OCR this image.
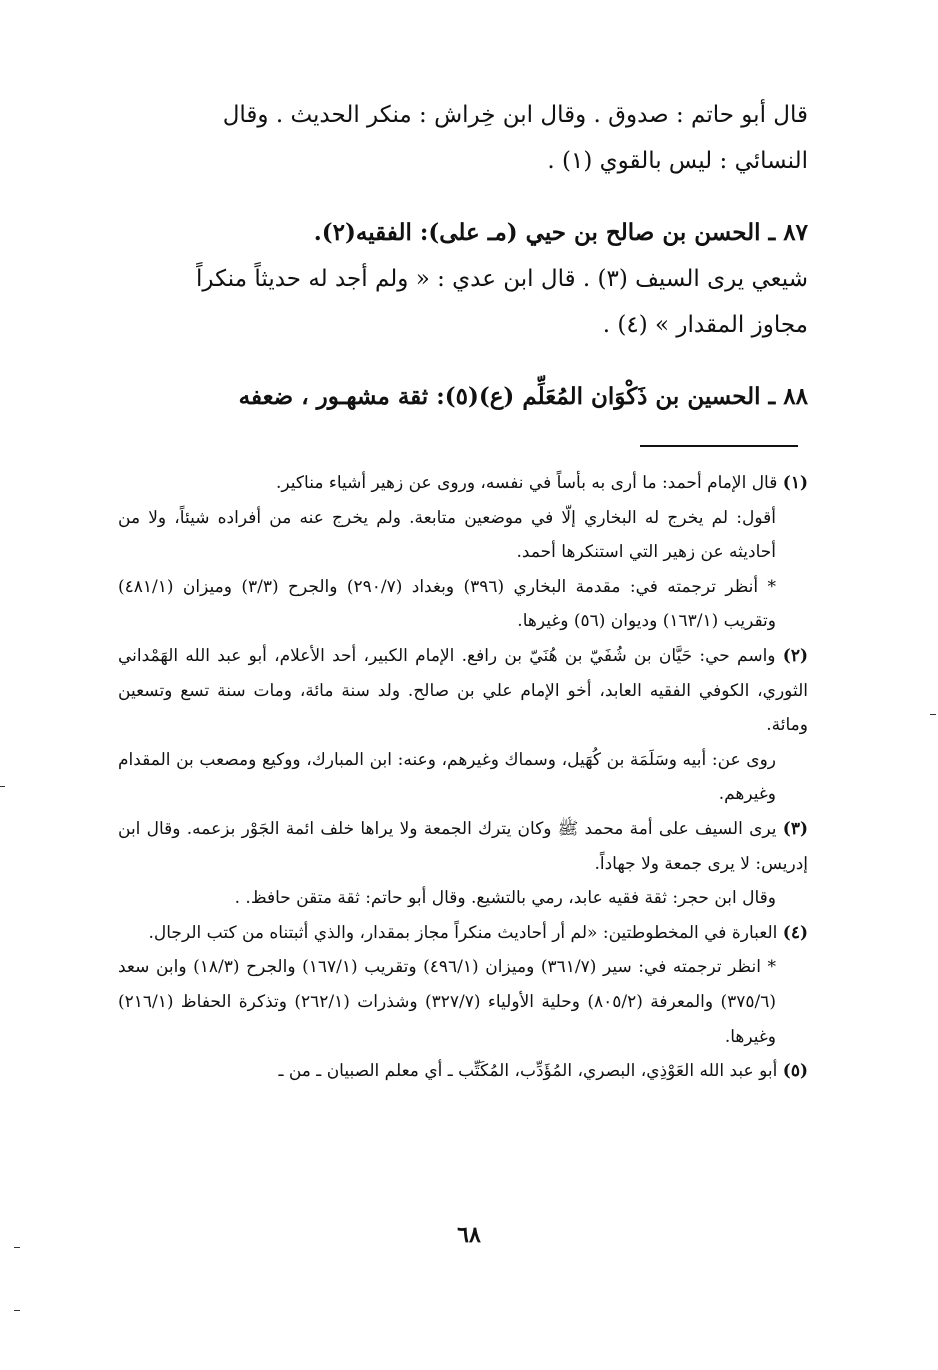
قال أبو حاتم : صدوق . وقال ابن خِراش : منكر الحديث . وقال

النسائي : ليس بالقوي (١) .

٨٧ ـ الحسن بن صالح بن حيي (مـ علی): الفقيه(٢).

شيعي يرى السيف (٣) . قال ابن عدي : « ولم أجد له حديثاً منكراً

مجاوز المقدار » (٤) .

٨٨ ـ الحسين بن ذَكْوَان المُعَلِّم (ع)(٥): ثقة مشهـور ، ضعفه

(١) قال الإمام أحمد: ما أرى به بأساً في نفسه، وروى عن زهير أشياء مناكير.

أقول: لم يخرج له البخاري إلّا في موضعين متابعة. ولم يخرج عنه من أفراده شيئاً، ولا من أحاديثه عن زهير التي استنكرها أحمد.

* أنظر ترجمته في: مقدمة البخاري (٣٩٦) وبغداد (٢٩٠/٧) والجرح (٣/٣) وميزان (٤٨١/١) وتقريب (١٦٣/١) وديوان (٥٦) وغيرها.

(٢) واسم حي: حَيَّان بن شُفَيّ بن هُنَيّ بن رافع. الإمام الكبير، أحد الأعلام، أبو عبد الله الهَمْداني الثوري، الكوفي الفقيه العابد، أخو الإمام علي بن صالح. ولد سنة مائة، ومات سنة تسع وتسعين ومائة.

روى عن: أبيه وسَلَمَة بن كُهَيل، وسماك وغيرهم، وعنه: ابن المبارك، ووكيع ومصعب بن المقدام وغيرهم.

(٣) يرى السيف على أمة محمد ﷺ وكان يترك الجمعة ولا يراها خلف ائمة الجَوْر بزعمه. وقال ابن إدريس: لا يرى جمعة ولا جهاداً.

وقال ابن حجر: ثقة فقيه عابد، رمي بالتشيع. وقال أبو حاتم: ثقة متقن حافظ. .

(٤) العبارة في المخطوطتين: «لم أر أحاديث منكراً مجاز بمقدار، والذي أثبتناه من كتب الرجال.

* انظر ترجمته في: سير (٣٦١/٧) وميزان (٤٩٦/١) وتقريب (١٦٧/١) والجرح (١٨/٣) وابن سعد (٣٧٥/٦) والمعرفة (٨٠٥/٢) وحلية الأولياء (٣٢٧/٧) وشذرات (٢٦٢/١) وتذكرة الحفاظ (٢١٦/١) وغيرها.

(٥) أبو عبد الله العَوْذِي، البصري، المُؤَدِّب، المُكَتِّب ـ أي معلم الصبيان ـ من ـ

٦٨
